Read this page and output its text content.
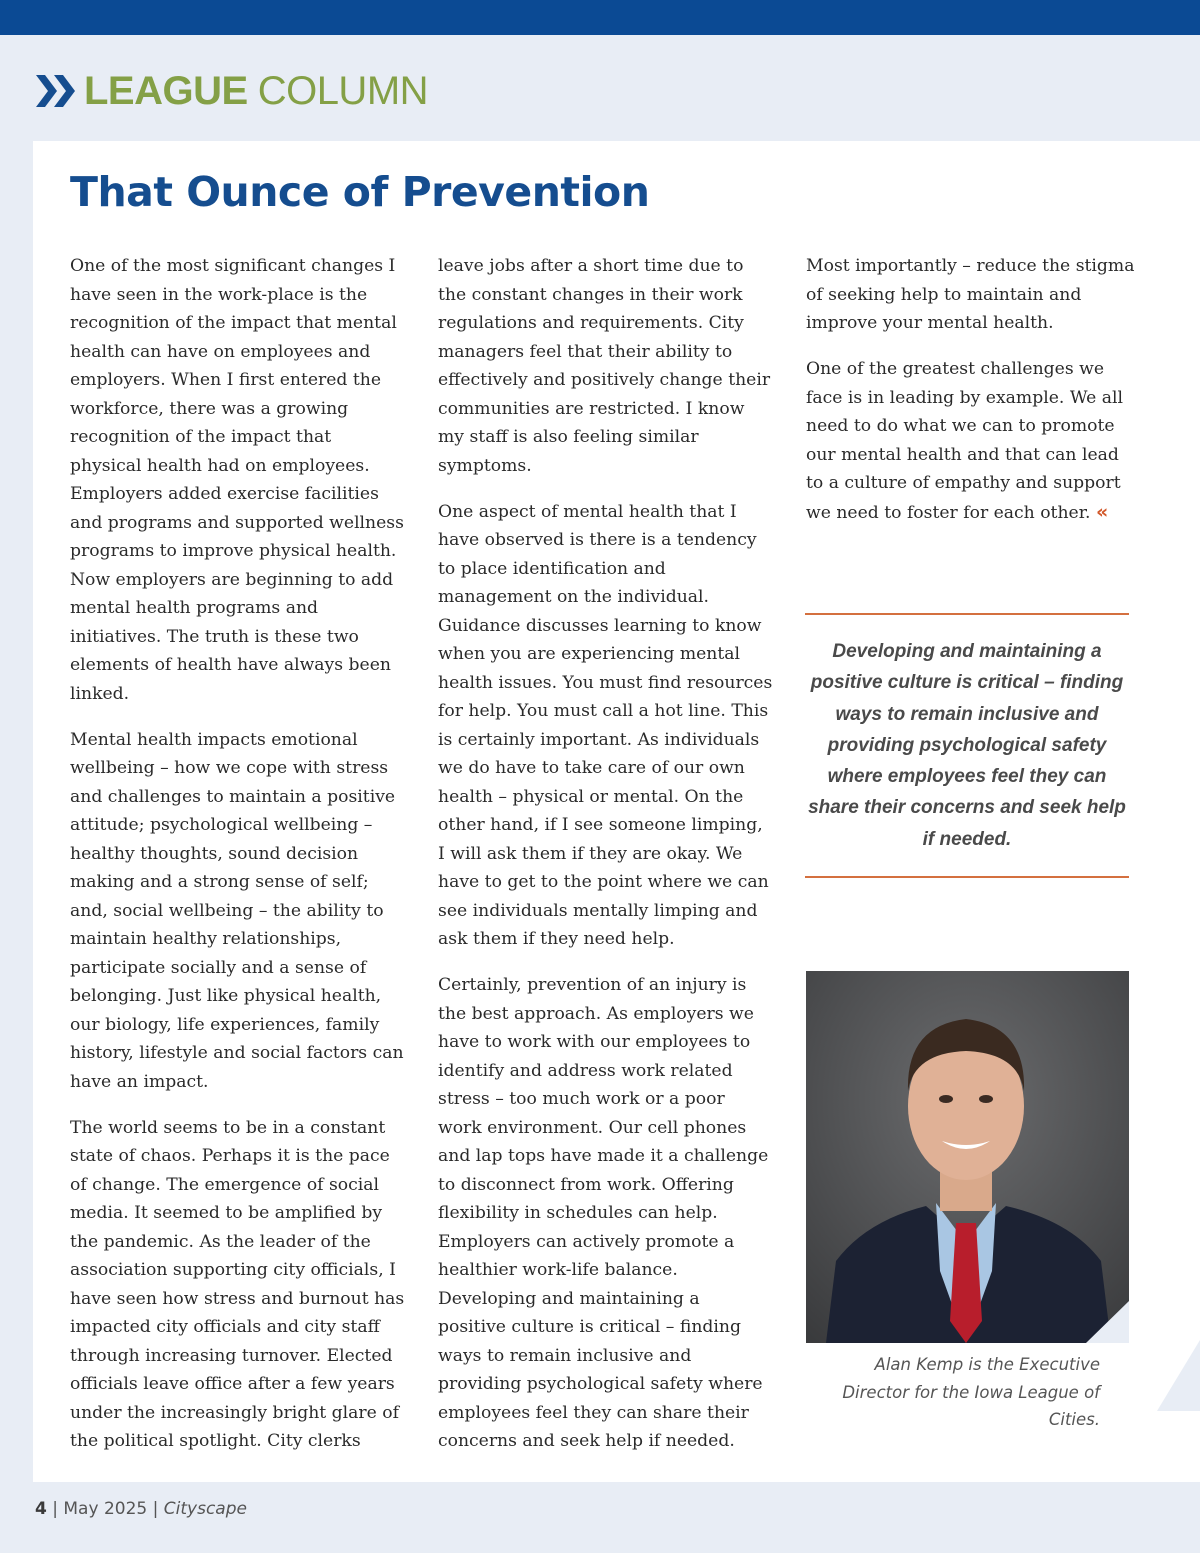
LEAGUE COLUMN
That Ounce of Prevention

One of the most significant changes I have seen in the work-place is the recognition of the impact that mental health can have on employees and employers. When I first entered the workforce, there was a growing recognition of the impact that physical health had on employees. Employers added exercise facilities and programs and supported wellness programs to improve physical health. Now employers are beginning to add mental health programs and initiatives. The truth is these two elements of health have always been linked.

Mental health impacts emotional wellbeing – how we cope with stress and challenges to maintain a positive attitude; psychological wellbeing – healthy thoughts, sound decision making and a strong sense of self; and, social wellbeing – the ability to maintain healthy relationships, participate socially and a sense of belonging. Just like physical health, our biology, life experiences, family history, lifestyle and social factors can have an impact.

The world seems to be in a constant state of chaos. Perhaps it is the pace of change. The emergence of social media. It seemed to be amplified by the pandemic. As the leader of the association supporting city officials, I have seen how stress and burnout has impacted city officials and city staff through increasing turnover. Elected officials leave office after a few years under the increasingly bright glare of the political spotlight. City clerks

leave jobs after a short time due to the constant changes in their work regulations and requirements. City managers feel that their ability to effectively and positively change their communities are restricted. I know my staff is also feeling similar symptoms.

One aspect of mental health that I have observed is there is a tendency to place identification and management on the individual. Guidance discusses learning to know when you are experiencing mental health issues. You must find resources for help. You must call a hot line. This is certainly important. As individuals we do have to take care of our own health – physical or mental. On the other hand, if I see someone limping, I will ask them if they are okay. We have to get to the point where we can see individuals mentally limping and ask them if they need help.

Certainly, prevention of an injury is the best approach. As employers we have to work with our employees to identify and address work related stress – too much work or a poor work environment. Our cell phones and lap tops have made it a challenge to disconnect from work. Offering flexibility in schedules can help. Employers can actively promote a healthier work-life balance. Developing and maintaining a positive culture is critical – finding ways to remain inclusive and providing psychological safety where employees feel they can share their concerns and seek help if needed.

Most importantly – reduce the stigma of seeking help to maintain and improve your mental health.

One of the greatest challenges we face is in leading by example. We all need to do what we can to promote our mental health and that can lead to a culture of empathy and support we need to foster for each other. «

Developing and maintaining a positive culture is critical – finding ways to remain inclusive and providing psychological safety where employees feel they can share their concerns and seek help if needed.

Alan Kemp is the Executive Director for the Iowa League of Cities.

4 | May 2025 | Cityscape
